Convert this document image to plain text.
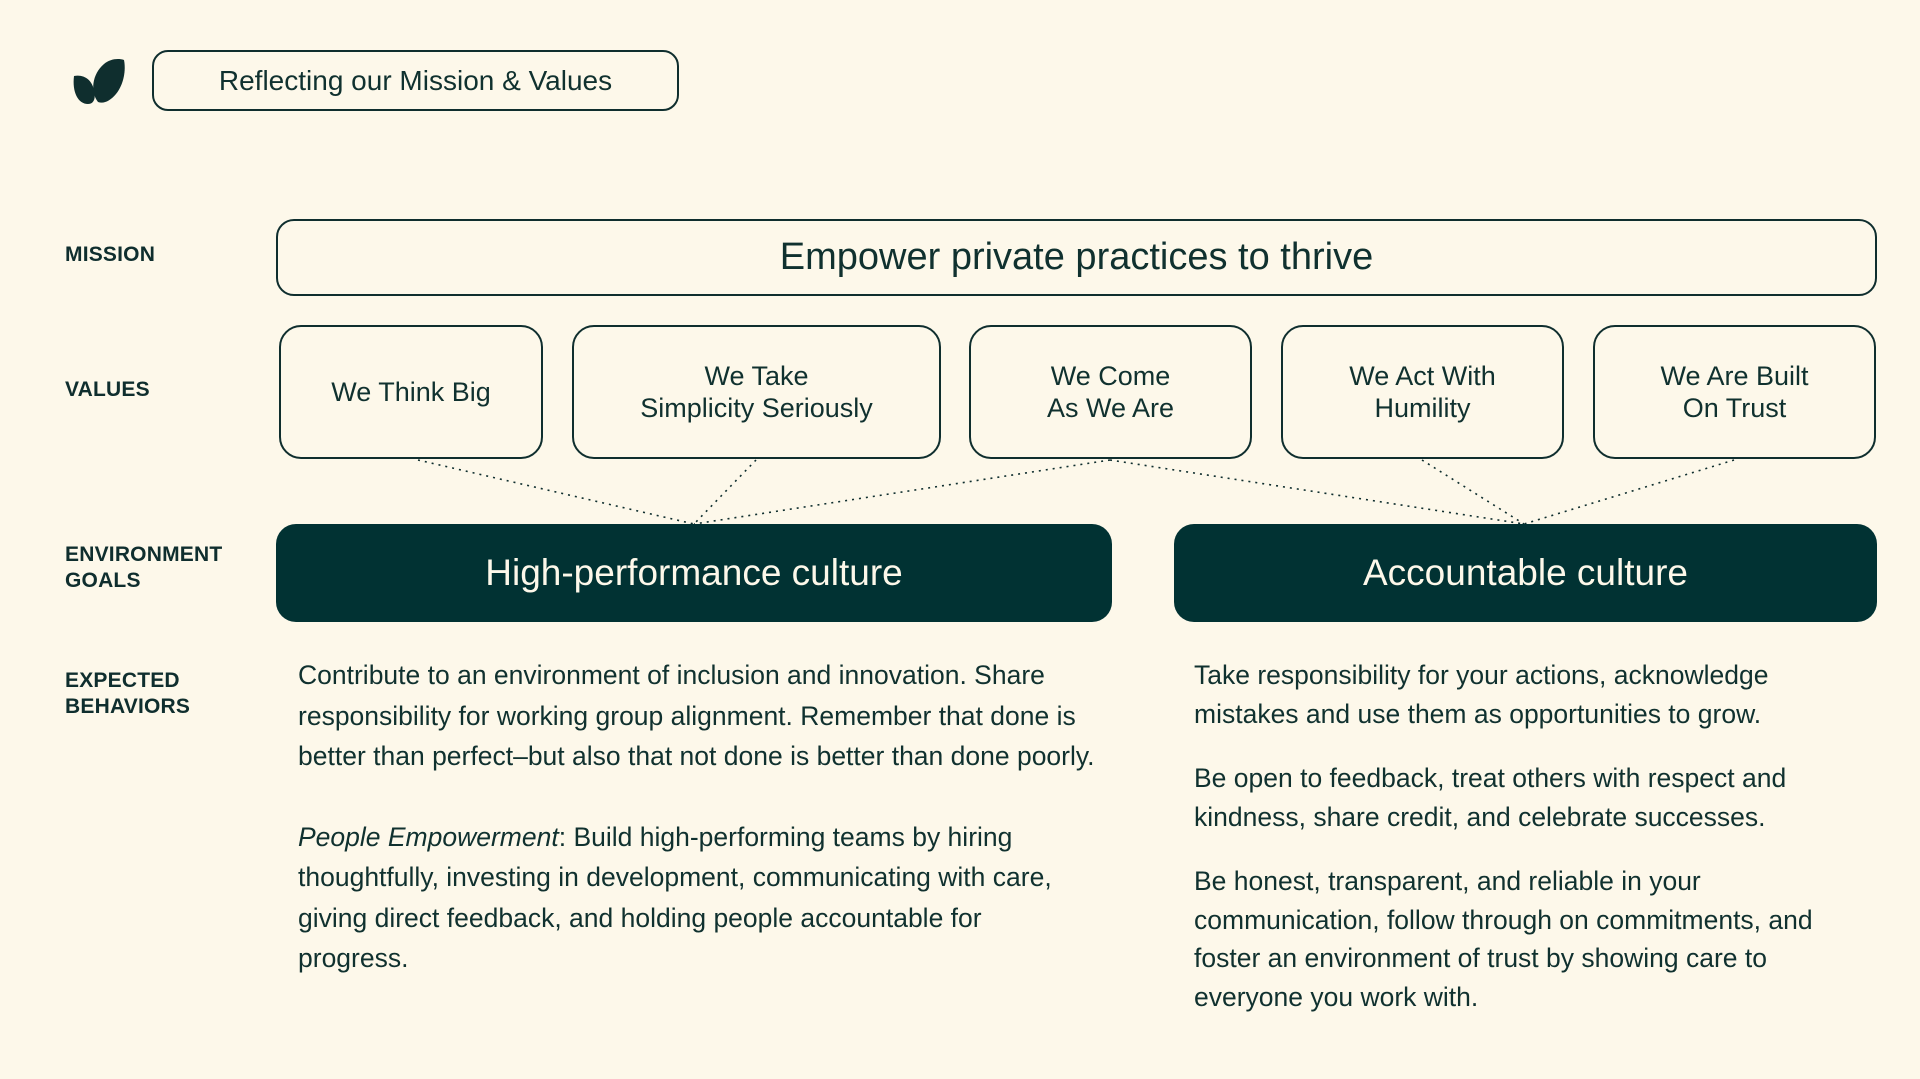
Reflecting our Mission & Values
MISSION
VALUES
ENVIRONMENT
GOALS
EXPECTED
BEHAVIORS
Empower private practices to thrive
We Think Big
We Take
Simplicity Seriously
We Come
As We Are
We Act With
Humility
We Are Built
On Trust
High-performance culture	Accountable culture

Contribute to an environment of inclusion and innovation. Share responsibility for working group alignment. Remember that done is better than perfect–but also that not done is better than done poorly.

People Empowerment: Build high-performing teams by hiring thoughtfully, investing in development, communicating with care, giving direct feedback, and holding people accountable for progress.

Take responsibility for your actions, acknowledge mistakes and use them as opportunities to grow.

Be open to feedback, treat others with respect and kindness, share credit, and celebrate successes.

Be honest, transparent, and reliable in your communication, follow through on commitments, and foster an environment of trust by showing care to everyone you work with.
